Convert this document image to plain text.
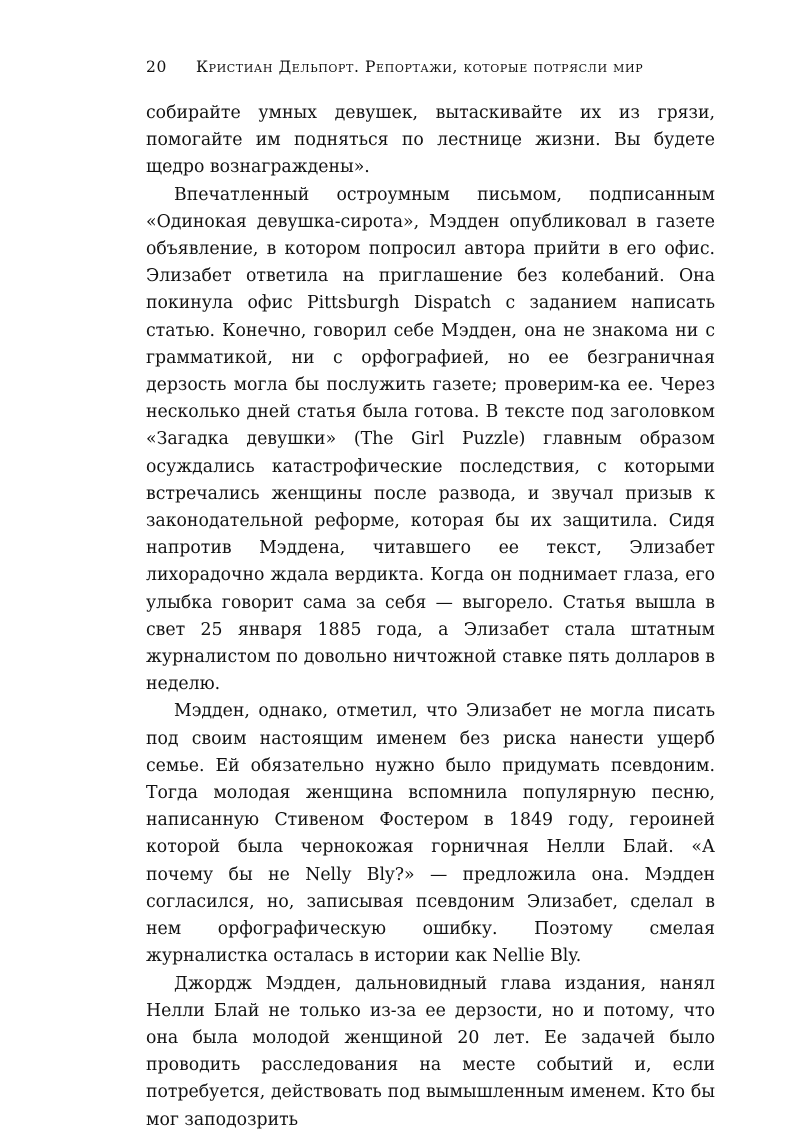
20	Кристиан Дельпорт. Репортажи, которые потрясли мир

собирайте умных девушек, вытаскивайте их из грязи, помогайте им подняться по лестнице жизни. Вы будете щедро вознаграждены».

Впечатленный остроумным письмом, подписанным «Одинокая девушка-сирота», Мэдден опубликовал в газете объявление, в котором попросил автора прийти в его офис. Элизабет ответила на приглашение без колебаний. Она покинула офис Pittsburgh Dispatch с заданием написать статью. Конечно, говорил себе Мэдден, она не знакома ни с грамматикой, ни с орфографией, но ее безграничная дерзость могла бы послужить газете; проверим-ка ее. Через несколько дней статья была готова. В тексте под заголовком «Загадка девушки» (The Girl Puzzle) главным образом осуждались катастрофические последствия, с которыми встречались женщины после развода, и звучал призыв к законодательной реформе, которая бы их защитила. Сидя напротив Мэддена, читавшего ее текст, Элизабет лихорадочно ждала вердикта. Когда он поднимает глаза, его улыбка говорит сама за себя — выгорело. Статья вышла в свет 25 января 1885 года, а Элизабет стала штатным журналистом по довольно ничтожной ставке пять долларов в неделю.

Мэдден, однако, отметил, что Элизабет не могла писать под своим настоящим именем без риска нанести ущерб семье. Ей обязательно нужно было придумать псевдоним. Тогда молодая женщина вспомнила популярную песню, написанную Стивеном Фостером в 1849 году, героиней которой была чернокожая горничная Нелли Блай. «А почему бы не Nelly Bly?» — предложила она. Мэдден согласился, но, записывая псевдоним Элизабет, сделал в нем орфографическую ошибку. Поэтому смелая журналистка осталась в истории как Nellie Bly.

Джордж Мэдден, дальновидный глава издания, нанял Нелли Блай не только из-за ее дерзости, но и потому, что она была молодой женщиной 20 лет. Ее задачей было проводить расследования на месте событий и, если потребуется, действовать под вымышленным именем. Кто бы мог заподозрить
